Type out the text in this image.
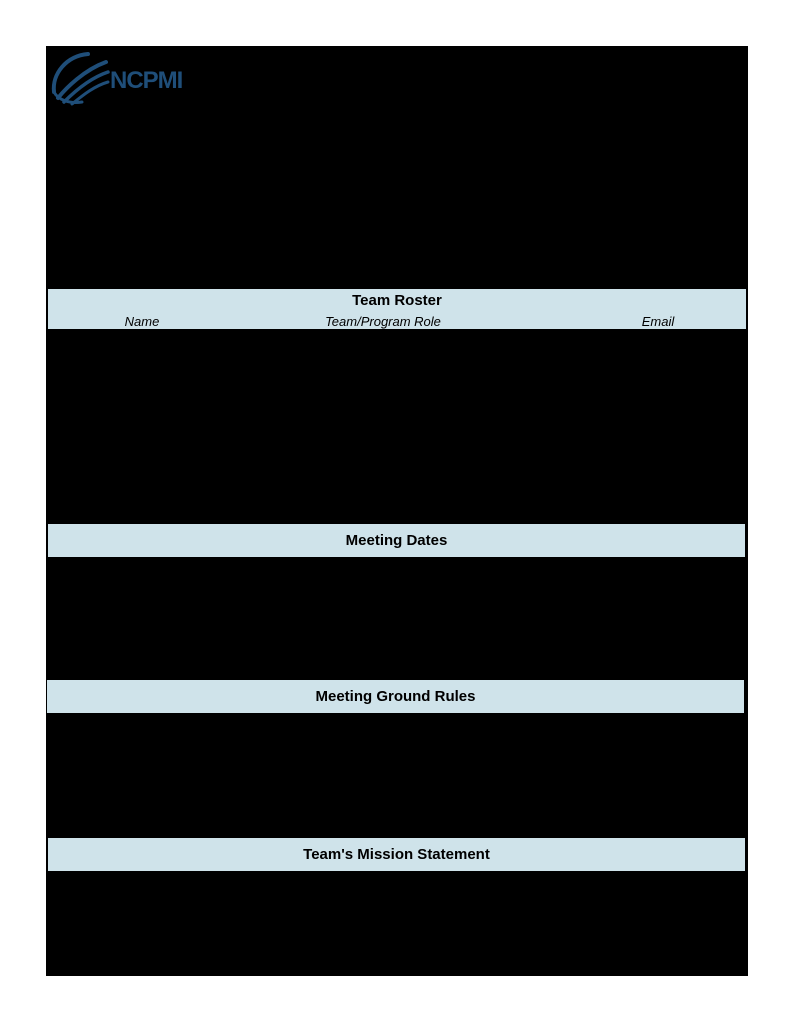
NCPMI
Team Roster
Name	Team/Program Role	Email
Meeting Dates
Meeting Ground Rules
Team's Mission Statement
